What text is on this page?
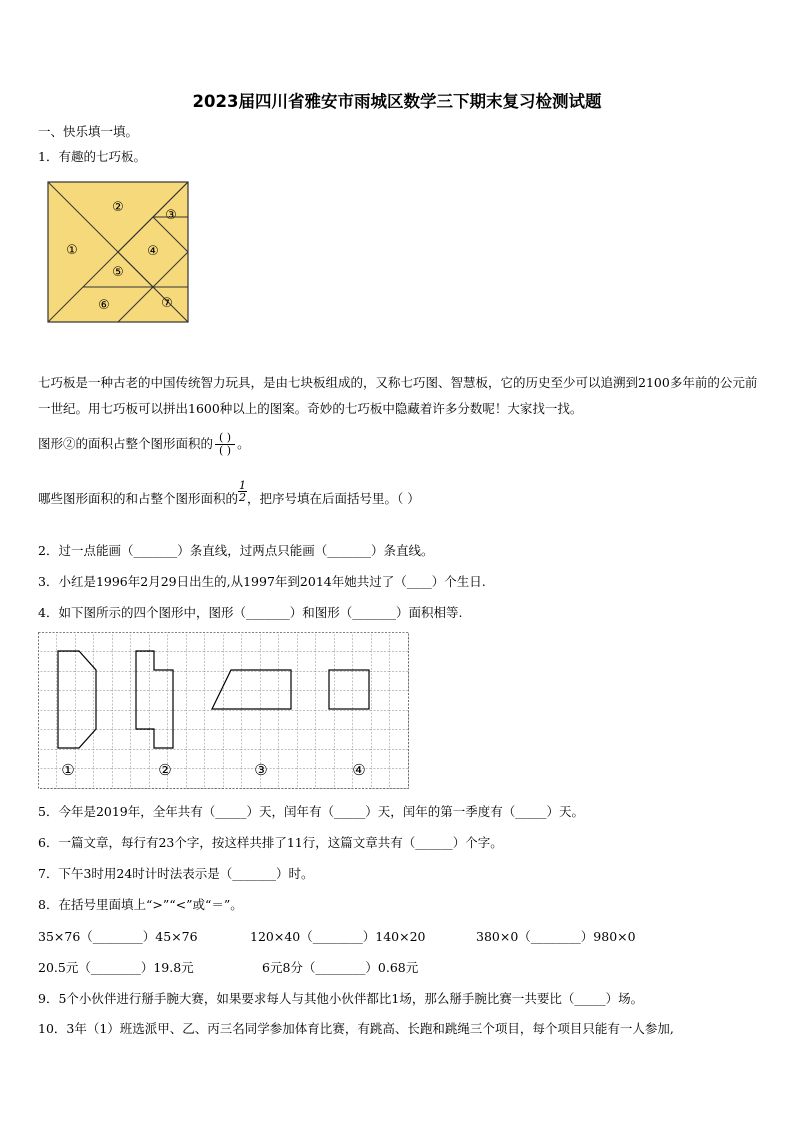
2023届四川省雅安市雨城区数学三下期末复习检测试题
一、快乐填一填。
1．有趣的七巧板。
②
③
①	④
⑤
⑥	⑦
七巧板是一种古老的中国传统智力玩具，是由七块板组成的，又称七巧图、智慧板，它的历史至少可以追溯到2100多年前的公元前一世纪。用七巧板可以拼出1600种以上的图案。奇妙的七巧板中隐藏着许多分数呢！大家找一找。
图形②的面积占整个图形面积的 $\frac{( )}{( )}$ 。
哪些图形面积的和占整个图形面积的 $\frac{1}{2}$ ，把序号填在后面括号里。（ ）
2．过一点能画（_______）条直线，过两点只能画（_______）条直线。
3．小红是1996年2月29日出生的,从1997年到2014年她共过了（____）个生日.
4．如下图所示的四个图形中，图形（_______）和图形（_______）面积相等.
①	②	③	④
5．今年是2019年，全年共有（_____）天，闰年有（_____）天，闰年的第一季度有（_____）天。
6．一篇文章，每行有23个字，按这样共排了11行，这篇文章共有（______）个字。
7．下午3时用24时计时法表示是（_______）时。
8．在括号里面填上“>”“<”或“＝”。
35×76（________）45×76	120×40（________）140×20	380×0（________）980×0
20.5元（________）19.8元	6元8分（________）0.68元
9．5个小伙伴进行掰手腕大赛，如果要求每人与其他小伙伴都比1场，那么掰手腕比赛一共要比（_____）场。
10．3年（1）班选派甲、乙、丙三名同学参加体育比赛，有跳高、长跑和跳绳三个项目，每个项目只能有一人参加,
